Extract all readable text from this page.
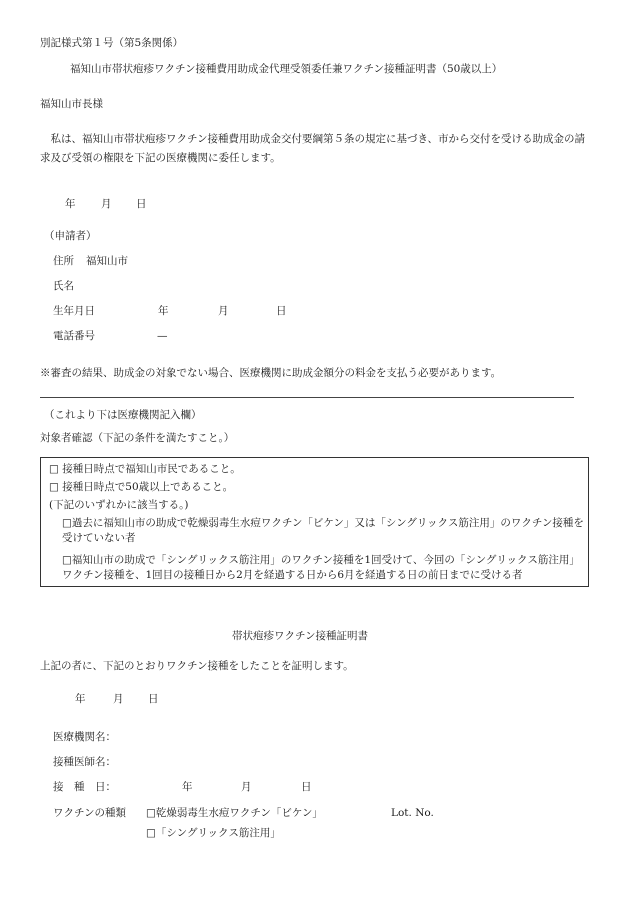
別記様式第１号（第5条関係）
福知山市帯状疱疹ワクチン接種費用助成金代理受領委任兼ワクチン接種証明書（50歳以上）
福知山市長様
　私は、福知山市帯状疱疹ワクチン接種費用助成金交付要綱第５条の規定に基づき、市から交付を受ける助成金の請求及び受領の権限を下記の医療機関に委任します。
年 月 日
（申請者）
住所 福知山市
氏名
生年月日	年	月	日
電話番号	—
※審査の結果、助成金の対象でない場合、医療機関に助成金額分の料金を支払う必要があります。
（これより下は医療機関記入欄）
対象者確認（下記の条件を満たすこと。）
□ 接種日時点で福知山市民であること。
□ 接種日時点で50歳以上であること。
(下記のいずれかに該当する。)
□過去に福知山市の助成で乾燥弱毒生水痘ワクチン「ビケン」又は「シングリックス筋注用」のワクチン接種を受けていない者
□福知山市の助成で「シングリックス筋注用」のワクチン接種を1回受けて、今回の「シングリックス筋注用」ワクチン接種を、1回目の接種日から2月を経過する日から6月を経過する日の前日までに受ける者
帯状疱疹ワクチン接種証明書
上記の者に、下記のとおりワクチン接種をしたことを証明します。
年	月 日
医療機関名：
接種医師名：
接　種　日：	年	月	日
ワクチンの種類 □乾燥弱毒生水痘ワクチン「ビケン」	Lot. No.
□「シングリックス筋注用」
